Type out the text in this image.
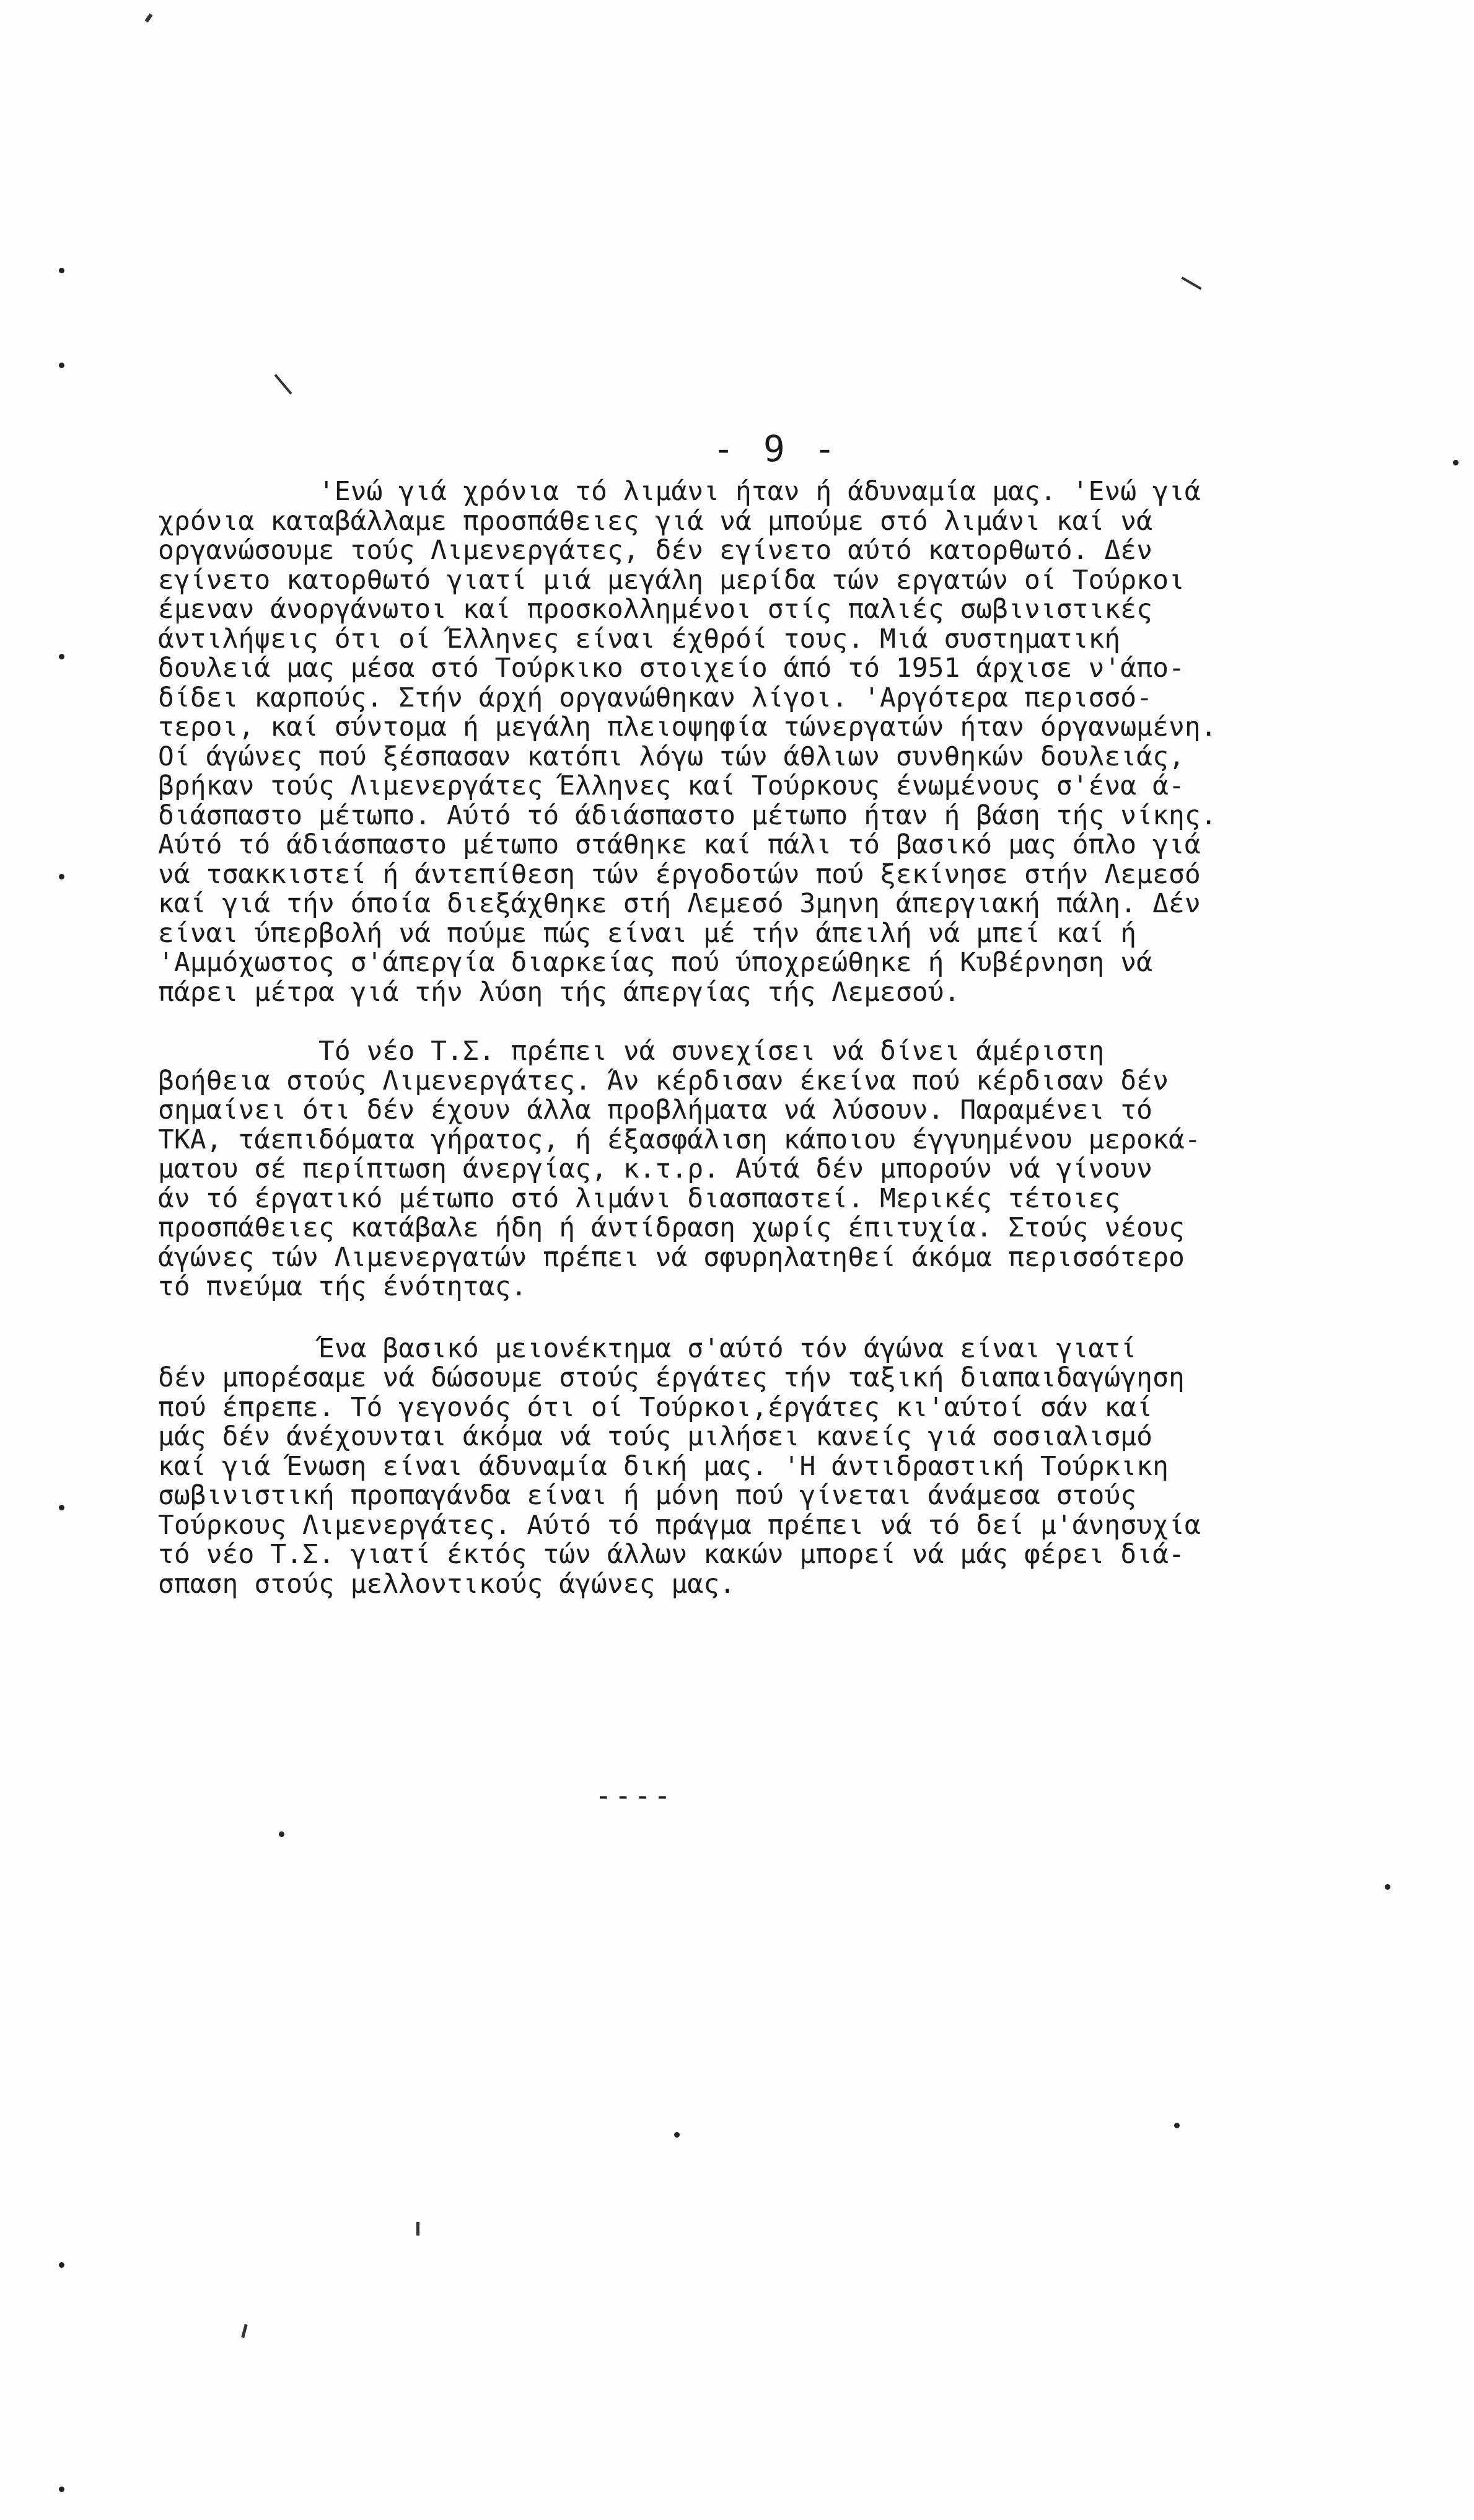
- 9 -

'Ενώ γιά χρόνια τό λιμάνι ήταν ή άδυναμία μας. 'Ενώ γιά
χρόνια καταβάλλαμε προσπάθειες γιά νά μπούμε στό λιμάνι καί νά
οργανώσουμε τούς Λιμενεργάτες, δέν εγίνετο αύτό κατορθωτό. Δέν
εγίνετο κατορθωτό γιατί μιά μεγάλη μερίδα τών εργατών οί Τούρκοι
έμεναν άνοργάνωτοι καί προσκολλημένοι στίς παλιές σωβινιστικές
άντιλήψεις ότι οί Έλληνες είναι έχθρόί τους. Μιά συστηματική
δουλειά μας μέσα στό Τούρκικο στοιχείο άπό τό 1951 άρχισε ν'άπο-
δίδει καρπούς. Στήν άρχή οργανώθηκαν λίγοι. 'Αργότερα περισσό-
τεροι, καί σύντομα ή μεγάλη πλειοψηφία τώνεργατών ήταν όργανωμένη.
Οί άγώνες πού ξέσπασαν κατόπι λόγω τών άθλιων συνθηκών δουλειάς,
βρήκαν τούς Λιμενεργάτες Έλληνες καί Τούρκους ένωμένους σ'ένα ά-
διάσπαστο μέτωπο. Αύτό τό άδιάσπαστο μέτωπο ήταν ή βάση τής νίκης.
Αύτό τό άδιάσπαστο μέτωπο στάθηκε καί πάλι τό βασικό μας όπλο γιά
νά τσακκιστεί ή άντεπίθεση τών έργοδοτών πού ξεκίνησε στήν Λεμεσό
καί γιά τήν όποία διεξάχθηκε στή Λεμεσό 3μηνη άπεργιακή πάλη. Δέν
είναι ύπερβολή νά πούμε πώς είναι μέ τήν άπειλή νά μπεί καί ή
'Αμμόχωστος σ'άπεργία διαρκείας πού ύποχρεώθηκε ή Κυβέρνηση νά
πάρει μέτρα γιά τήν λύση τής άπεργίας τής Λεμεσού.

Τό νέο Τ.Σ. πρέπει νά συνεχίσει νά δίνει άμέριστη
βοήθεια στούς Λιμενεργάτες. Άν κέρδισαν έκείνα πού κέρδισαν δέν
σημαίνει ότι δέν έχουν άλλα προβλήματα νά λύσουν. Παραμένει τό
ΤΚΑ, τάεπιδόματα γήρατος, ή έξασφάλιση κάποιου έγγυημένου μεροκά-
ματου σέ περίπτωση άνεργίας, κ.τ.ρ. Αύτά δέν μπορούν νά γίνουν
άν τό έργατικό μέτωπο στό λιμάνι διασπαστεί. Μερικές τέτοιες
προσπάθειες κατάβαλε ήδη ή άντίδραση χωρίς έπιτυχία. Στούς νέους
άγώνες τών Λιμενεργατών πρέπει νά σφυρηλατηθεί άκόμα περισσότερο
τό πνεύμα τής ένότητας.

Ένα βασικό μειονέκτημα σ'αύτό τόν άγώνα είναι γιατί
δέν μπορέσαμε νά δώσουμε στούς έργάτες τήν ταξική διαπαιδαγώγηση
πού έπρεπε. Τό γεγονός ότι οί Τούρκοι,έργάτες κι'αύτοί σάν καί
μάς δέν άνέχουνται άκόμα νά τούς μιλήσει κανείς γιά σοσιαλισμό
καί γιά Ένωση είναι άδυναμία δική μας. 'Η άντιδραστική Τούρκικη
σωβινιστική προπαγάνδα είναι ή μόνη πού γίνεται άνάμεσα στούς
Τούρκους Λιμενεργάτες. Αύτό τό πράγμα πρέπει νά τό δεί μ'άνησυχία
τό νέο Τ.Σ. γιατί έκτός τών άλλων κακών μπορεί νά μάς φέρει διά-
σπαση στούς μελλοντικούς άγώνες μας.

----
